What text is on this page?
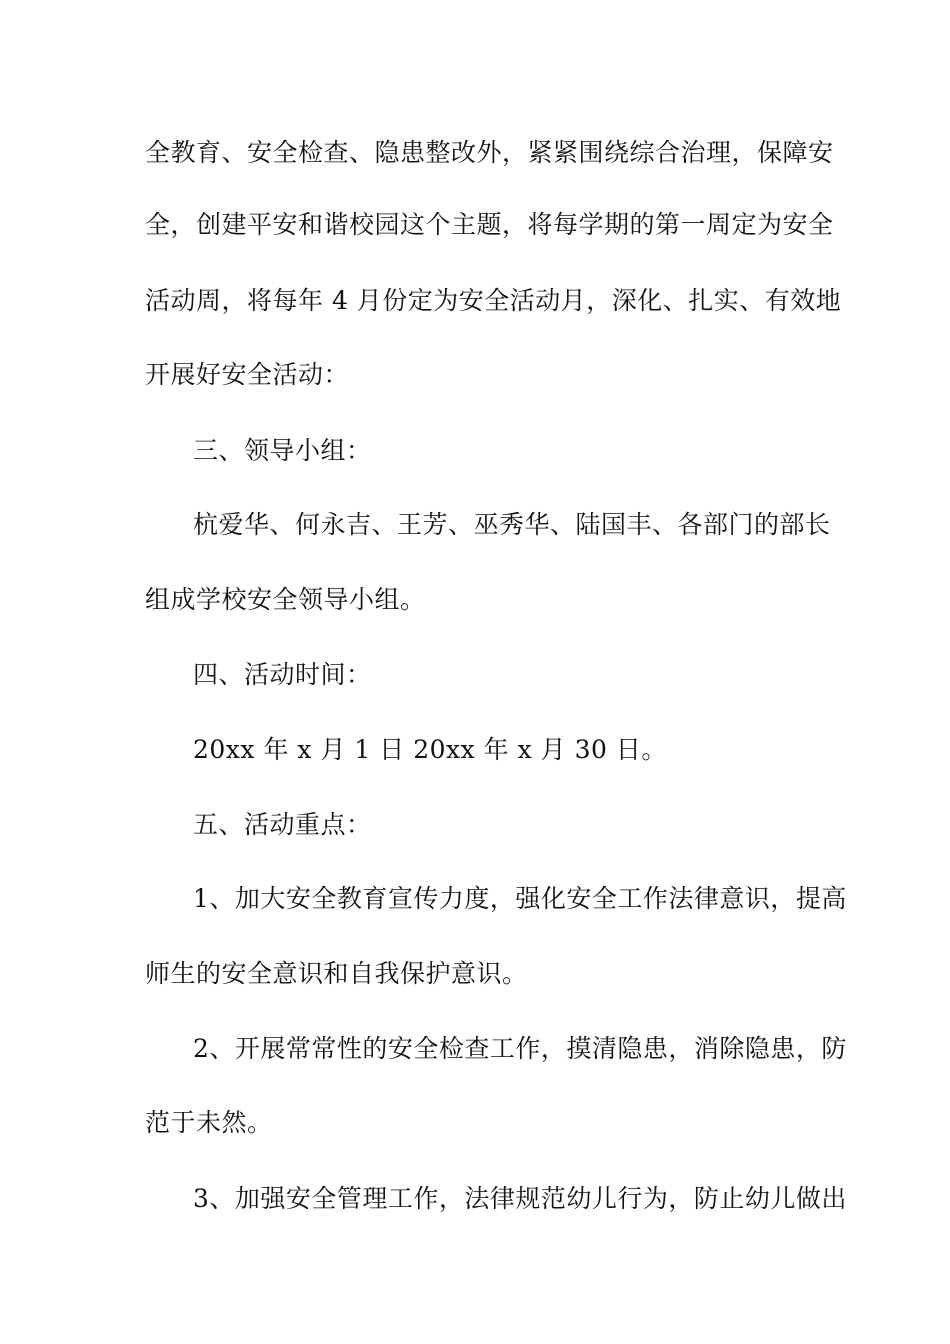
全教育、安全检查、隐患整改外，紧紧围绕综合治理，保障安
全，创建平安和谐校园这个主题，将每学期的第一周定为安全
活动周，将每年 4 月份定为安全活动月，深化、扎实、有效地
开展好安全活动：
三、领导小组：
杭爱华、何永吉、王芳、巫秀华、陆国丰、各部门的部长
组成学校安全领导小组。
四、活动时间：
20xx 年 x 月 1 日 20xx 年 x 月 30 日。
五、活动重点：
1、加大安全教育宣传力度，强化安全工作法律意识，提高
师生的安全意识和自我保护意识。
2、开展常常性的安全检查工作，摸清隐患，消除隐患，防
范于未然。
3、加强安全管理工作，法律规范幼儿行为，防止幼儿做出
